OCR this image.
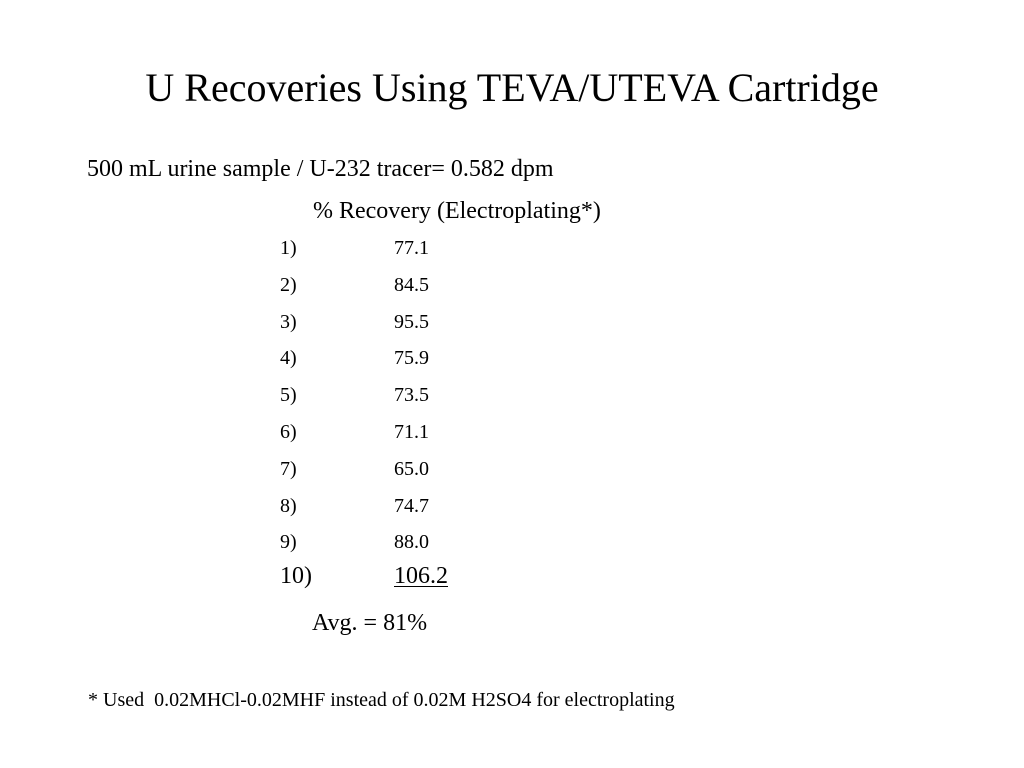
U Recoveries Using TEVA/UTEVA Cartridge
500 mL urine sample / U-232 tracer= 0.582 dpm
% Recovery (Electroplating*)
1)	77.1
2)	84.5
3)	95.5
4)	75.9
5)	73.5
6)	71.1
7)	65.0
8)	74.7
9)	88.0
10)	106.2
Avg. = 81%
* Used  0.02MHCl-0.02MHF instead of 0.02M H2SO4 for electroplating
